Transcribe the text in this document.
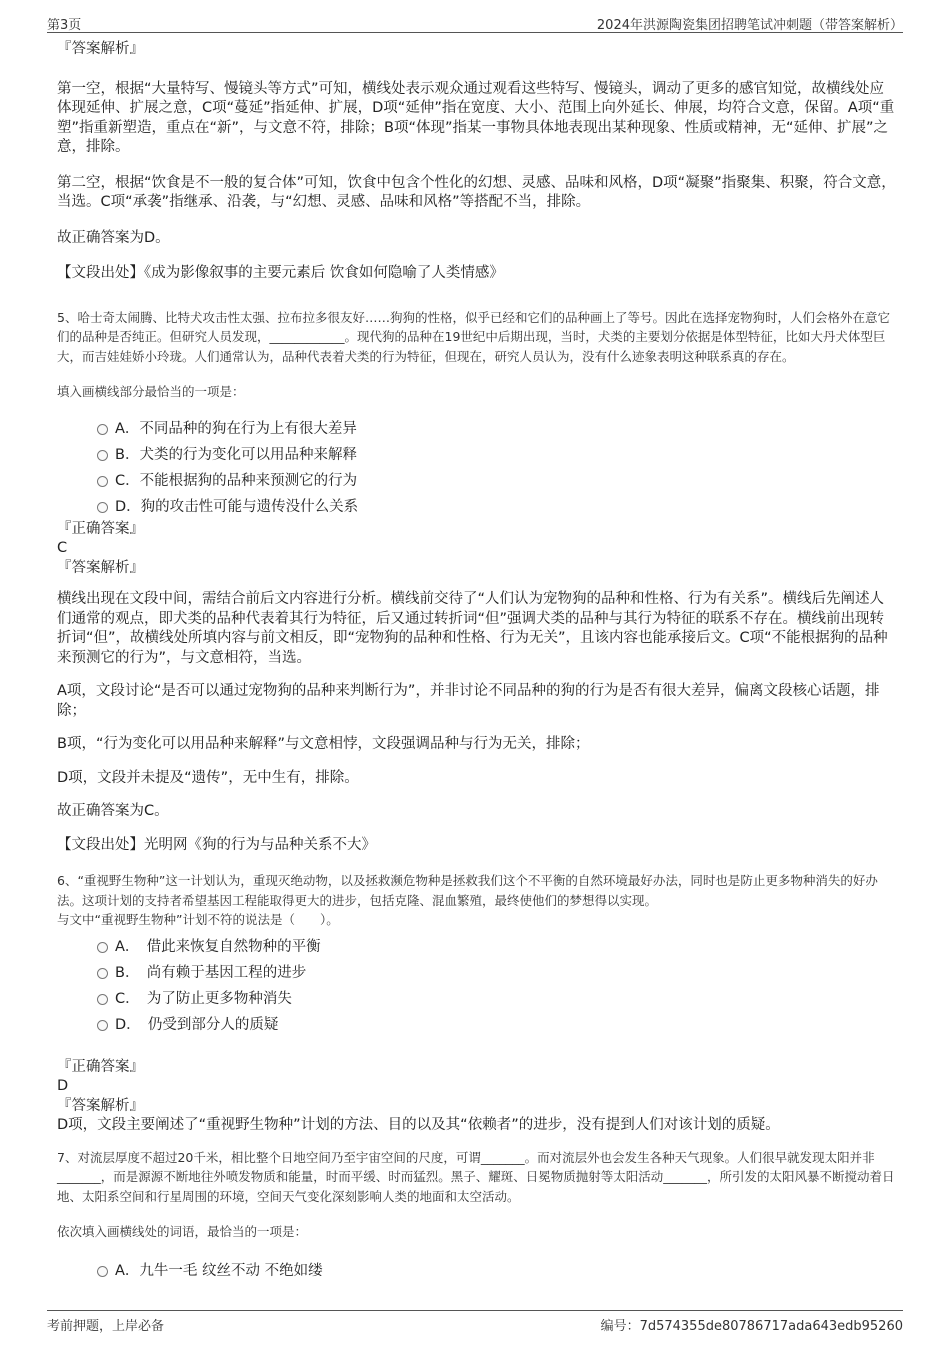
第3页	2024年洪源陶瓷集团招聘笔试冲刺题（带答案解析）

『答案解析』

第一空，根据“大量特写、慢镜头等方式”可知，横线处表示观众通过观看这些特写、慢镜头，调动了更多的感官知觉，故横线处应体现延伸、扩展之意，C项“蔓延”指延伸、扩展，D项“延伸”指在宽度、大小、范围上向外延长、伸展，均符合文意，保留。A项“重塑”指重新塑造，重点在“新”，与文意不符，排除；B项“体现”指某一事物具体地表现出某种现象、性质或精神，无“延伸、扩展”之意，排除。

第二空，根据“饮食是不一般的复合体”可知，饮食中包含个性化的幻想、灵感、品味和风格，D项“凝聚”指聚集、积聚，符合文意，当选。C项“承袭”指继承、沿袭，与“幻想、灵感、品味和风格”等搭配不当，排除。

故正确答案为D。

【文段出处】《成为影像叙事的主要元素后 饮食如何隐喻了人类情感》

5、哈士奇太闹腾、比特犬攻击性太强、拉布拉多很友好……狗狗的性格，似乎已经和它们的品种画上了等号。因此在选择宠物狗时，人们会格外在意它们的品种是否纯正。但研究人员发现，____________。现代狗的品种在19世纪中后期出现，当时，犬类的主要划分依据是体型特征，比如大丹犬体型巨大，而吉娃娃娇小玲珑。人们通常认为，品种代表着犬类的行为特征，但现在，研究人员认为，没有什么迹象表明这种联系真的存在。

填入画横线部分最恰当的一项是：

A．不同品种的狗在行为上有很大差异
B．犬类的行为变化可以用品种来解释
C．不能根据狗的品种来预测它的行为
D．狗的攻击性可能与遗传没什么关系

『正确答案』

C

『答案解析』

横线出现在文段中间，需结合前后文内容进行分析。横线前交待了“人们认为宠物狗的品种和性格、行为有关系”。横线后先阐述人们通常的观点，即犬类的品种代表着其行为特征，后又通过转折词“但”强调犬类的品种与其行为特征的联系不存在。横线前出现转折词“但”，故横线处所填内容与前文相反，即“宠物狗的品种和性格、行为无关”，且该内容也能承接后文。C项“不能根据狗的品种来预测它的行为”，与文意相符，当选。

A项，文段讨论“是否可以通过宠物狗的品种来判断行为”，并非讨论不同品种的狗的行为是否有很大差异，偏离文段核心话题，排除；

B项，“行为变化可以用品种来解释”与文意相悖，文段强调品种与行为无关，排除；

D项，文段并未提及“遗传”，无中生有，排除。

故正确答案为C。

【文段出处】光明网《狗的行为与品种关系不大》

6、“重视野生物种”这一计划认为，重现灭绝动物，以及拯救濒危物种是拯救我们这个不平衡的自然环境最好办法，同时也是防止更多物种消失的好办法。这项计划的支持者希望基因工程能取得更大的进步，包括克隆、混血繁殖，最终使他们的梦想得以实现。

与文中“重视野生物种”计划不符的说法是（　　）。

A．　借此来恢复自然物种的平衡
B．　尚有赖于基因工程的进步
C．　为了防止更多物种消失
D．　仍受到部分人的质疑

『正确答案』

D

『答案解析』

D项，文段主要阐述了“重视野生物种”计划的方法、目的以及其“依赖者”的进步，没有提到人们对该计划的质疑。

7、对流层厚度不超过20千米，相比整个日地空间乃至宇宙空间的尺度，可谓_______。而对流层外也会发生各种天气现象。人们很早就发现太阳并非_______，而是源源不断地往外喷发物质和能量，时而平缓、时而猛烈。黑子、耀斑、日冕物质抛射等太阳活动_______，所引发的太阳风暴不断搅动着日地、太阳系空间和行星周围的环境，空间天气变化深刻影响人类的地面和太空活动。

依次填入画横线处的词语，最恰当的一项是：

A．九牛一毛 纹丝不动 不绝如缕
考前押题，上岸必备	编号：7d574355de80786717ada643edb95260
